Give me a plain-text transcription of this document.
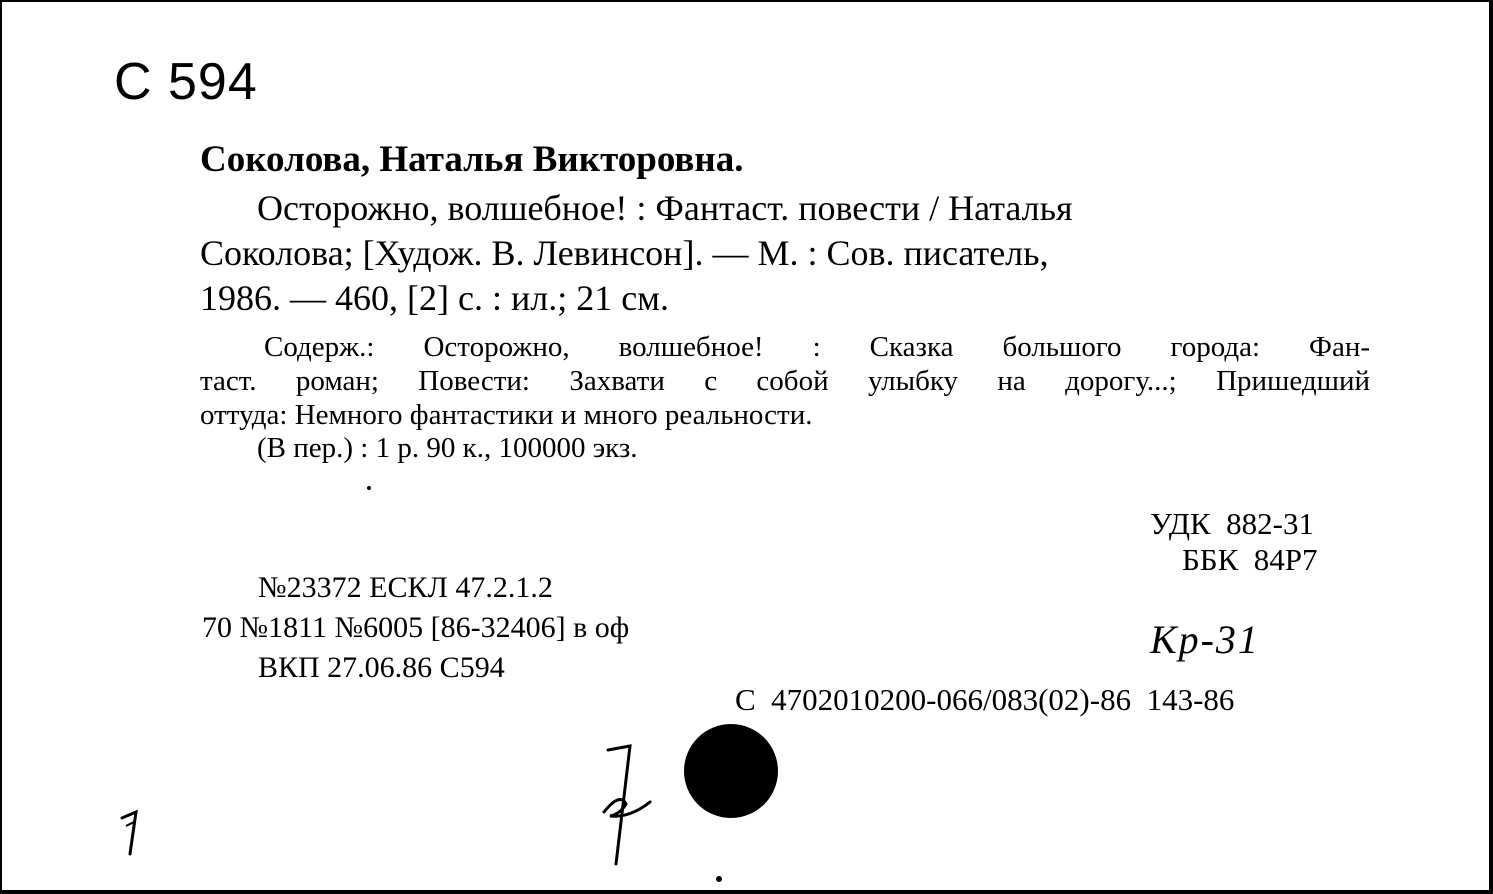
С 594
Соколова, Наталья Викторовна.
Осторожно, волшебное! : Фантаст. повести / Наталья
Соколова; [Худож. В. Левинсон]. — М. : Сов. писатель,
1986. — 460, [2] с. : ил.; 21 см.
Содерж.: Осторожно, волшебное! : Сказка большого города: Фан-
таст. роман; Повести: Захвати с собой улыбку на дорогу...; Пришедший
оттуда: Немного фантастики и много реальности.
(В пер.) : 1 р. 90 к., 100000 экз.
УДК  882-31
ББК  84Р7
№23372 ЕСКЛ 47.2.1.2
70 №1811 №6005 [86-32406] в оф
ВКП 27.06.86 С594
Кр-31
С  4702010200-066/083(02)-86  143-86
